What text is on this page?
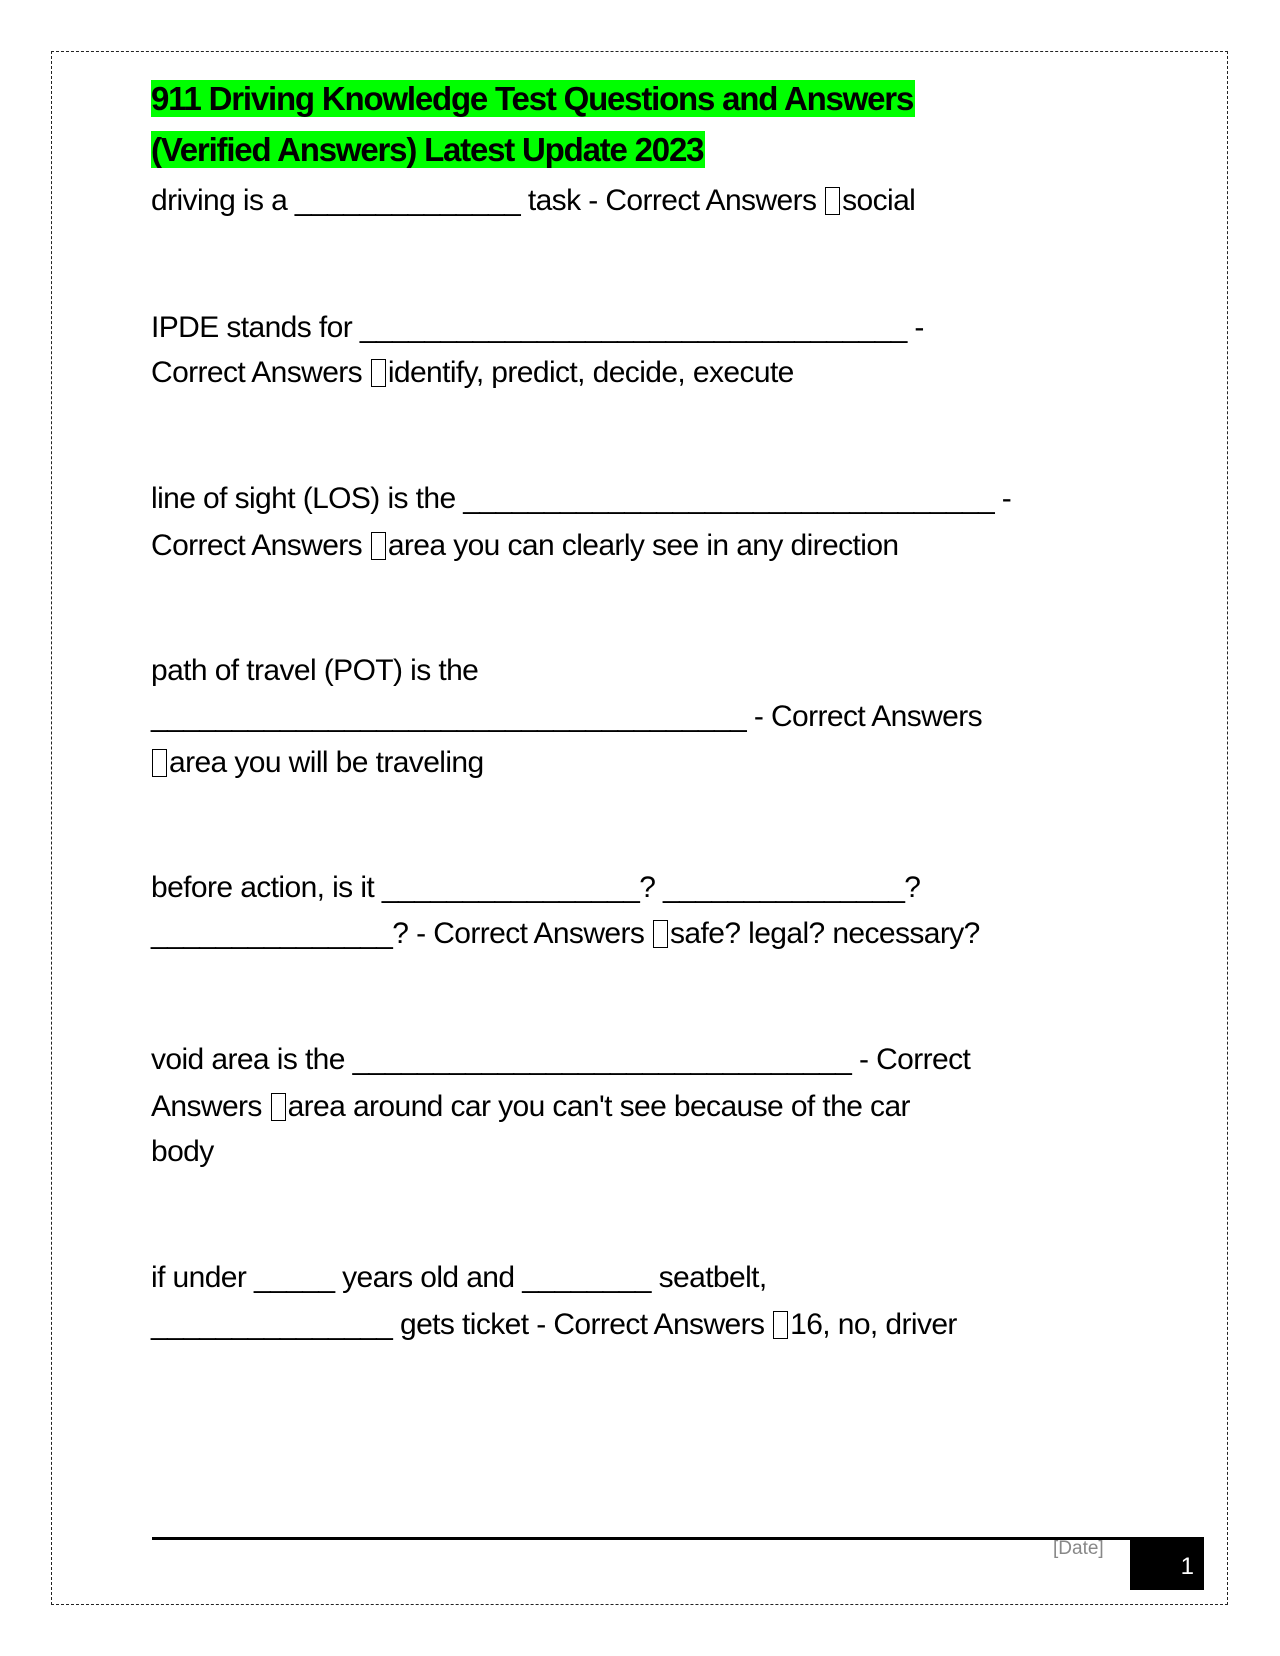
911 Driving Knowledge Test Questions and Answers
(Verified Answers) Latest Update 2023
driving is a ______________ task - Correct Answers social
IPDE stands for __________________________________ -
Correct Answers identify, predict, decide, execute
line of sight (LOS) is the _________________________________ -
Correct Answers area you can clearly see in any direction
path of travel (POT) is the
_____________________________________ - Correct Answers
area you will be traveling
before action, is it ________________? _______________?
_______________? - Correct Answers safe? legal? necessary?
void area is the _______________________________ - Correct
Answers area around car you can't see because of the car
body
if under _____ years old and ________ seatbelt,
_______________ gets ticket - Correct Answers 16, no, driver
[Date]
1
